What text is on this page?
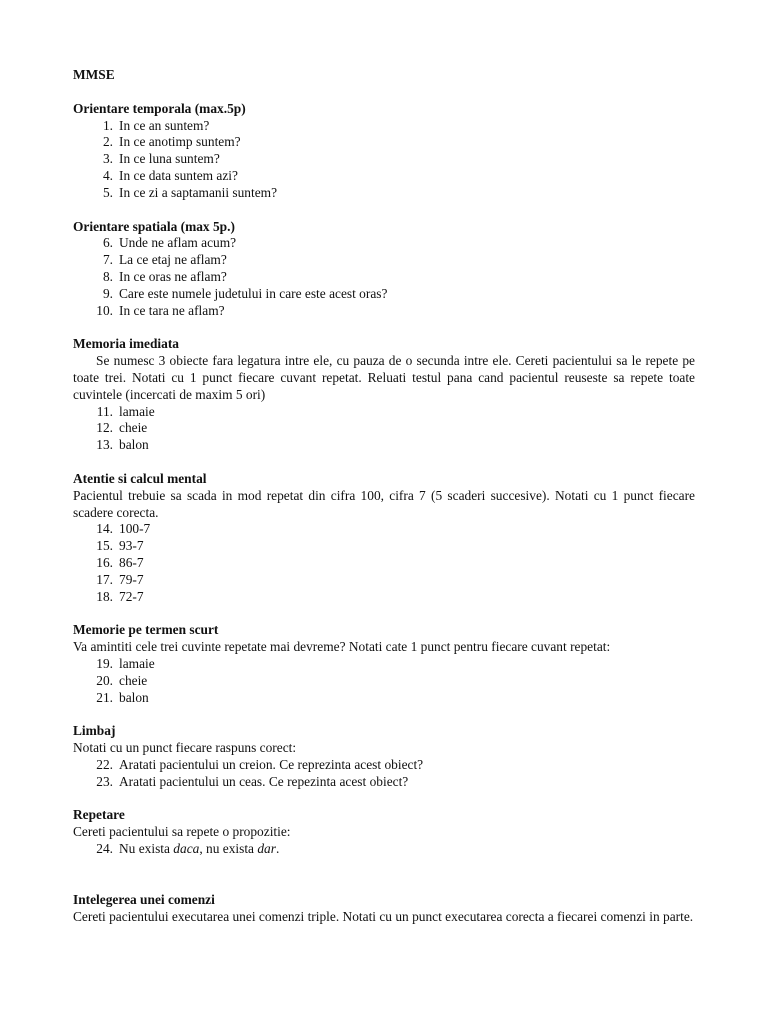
MMSE
Orientare temporala (max.5p)
1. In ce an suntem?
2. In ce anotimp suntem?
3. In ce luna suntem?
4. In ce data suntem azi?
5. In ce zi a saptamanii suntem?
Orientare spatiala (max 5p.)
6. Unde ne aflam acum?
7. La ce etaj ne aflam?
8. In ce oras ne aflam?
9. Care este numele judetului in care este acest oras?
10. In ce tara ne aflam?
Memoria imediata
Se numesc 3 obiecte fara legatura intre ele, cu pauza de o secunda intre ele. Cereti pacientului sa le repete pe toate trei. Notati cu 1 punct fiecare cuvant repetat. Reluati testul pana cand pacientul reuseste sa repete toate cuvintele (incercati de maxim 5 ori)
11. lamaie
12. cheie
13. balon
Atentie si calcul mental
Pacientul trebuie sa scada in mod repetat din cifra 100, cifra 7 (5 scaderi succesive). Notati cu 1 punct fiecare scadere corecta.
14. 100-7
15. 93-7
16. 86-7
17. 79-7
18. 72-7
Memorie pe termen scurt
Va amintiti cele trei cuvinte repetate mai devreme? Notati cate 1 punct pentru fiecare cuvant repetat:
19. lamaie
20. cheie
21. balon
Limbaj
Notati cu un punct fiecare raspuns corect:
22. Aratati pacientului un creion. Ce reprezinta acest obiect?
23. Aratati pacientului un ceas. Ce repezinta acest obiect?
Repetare
Cereti pacientului sa repete o propozitie:
24. Nu exista daca, nu exista dar.
Intelegerea unei comenzi
Cereti pacientului executarea unei comenzi triple. Notati cu un punct executarea corecta a fiecarei comenzi in parte.
